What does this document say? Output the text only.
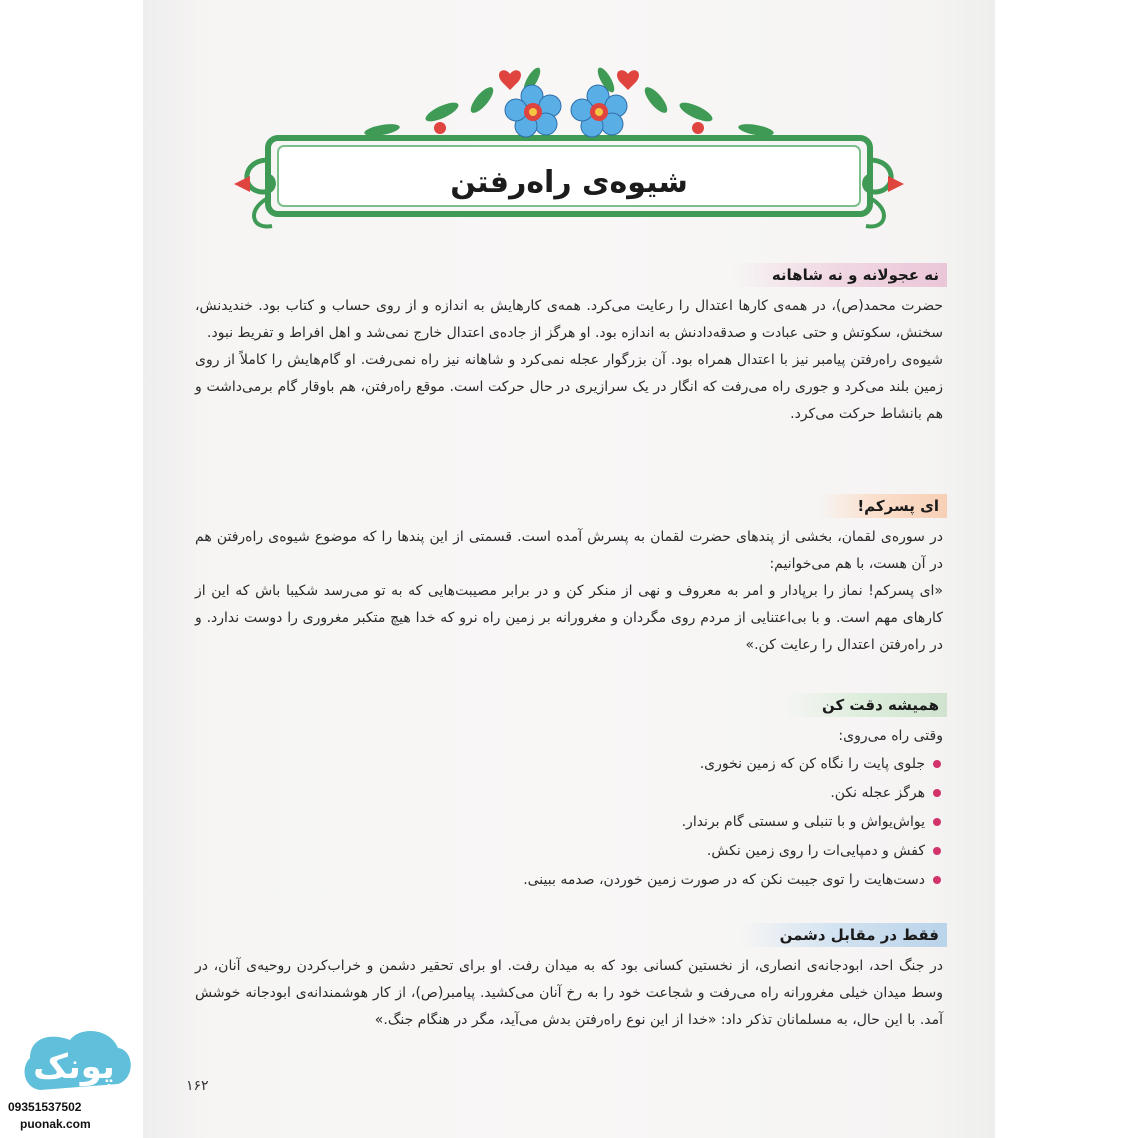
شیوه‌ی راه‌رفتن
نه عجولانه و نه شاهانه

حضرت محمد(ص)، در همه‌ی کارها اعتدال را رعایت می‌کرد. همه‌ی کارهایش به اندازه و از روی حساب و کتاب بود. خندیدنش، سخنش، سکوتش و حتی عبادت و صدقه‌دادنش به اندازه بود. او هرگز از جاده‌ی اعتدال خارج نمی‌شد و اهل افراط و تفریط نبود.

شیوه‌ی راه‌رفتن پیامبر نیز با اعتدال همراه بود. آن بزرگوار عجله نمی‌کرد و شاهانه نیز راه نمی‌رفت. او گام‌هایش را کاملاً از روی زمین بلند می‌کرد و جوری راه می‌رفت که انگار در یک سرازیری در حال حرکت است. موقع راه‌رفتن، هم باوقار گام برمی‌داشت و هم بانشاط حرکت می‌کرد.

ای پسرکم!

در سوره‌ی لقمان، بخشی از پندهای حضرت لقمان به پسرش آمده است. قسمتی از این پندها را که موضوع شیوه‌ی راه‌رفتن هم در آن هست، با هم می‌خوانیم:

«ای پسرکم! نماز را برپادار و امر به معروف و نهی از منکر کن و در برابر مصیبت‌هایی که به تو می‌رسد شکیبا باش که این از کارهای مهم است. و با بی‌اعتنایی از مردم روی مگردان و مغرورانه بر زمین راه نرو که خدا هیچ متکبر مغروری را دوست ندارد. و در راه‌رفتن اعتدال را رعایت کن.»

همیشه دقت کن

وقتی راه می‌روی:

جلوی پایت را نگاه کن که زمین نخوری.
هرگز عجله نکن.
یواش‌یواش و با تنبلی و سستی گام برندار.
کفش و دمپایی‌ات را روی زمین نکش.
دست‌هایت را توی جیبت نکن که در صورت زمین خوردن، صدمه ببینی.
فقط در مقابل دشمن

در جنگ احد، ابودجانه‌ی انصاری، از نخستین کسانی بود که به میدان رفت. او برای تحقیر دشمن و خراب‌کردن روحیه‌ی آنان، در وسط میدان خیلی مغرورانه راه می‌رفت و شجاعت خود را به رخ آنان می‌کشید. پیامبر(ص)، از کار هوشمندانه‌ی ابودجانه خوشش آمد. با این حال، به مسلمانان تذکر داد: «خدا از این نوع راه‌رفتن بدش می‌آید، مگر در هنگام جنگ.»

۱۶۲
پونک
09351537502
puonak.com
